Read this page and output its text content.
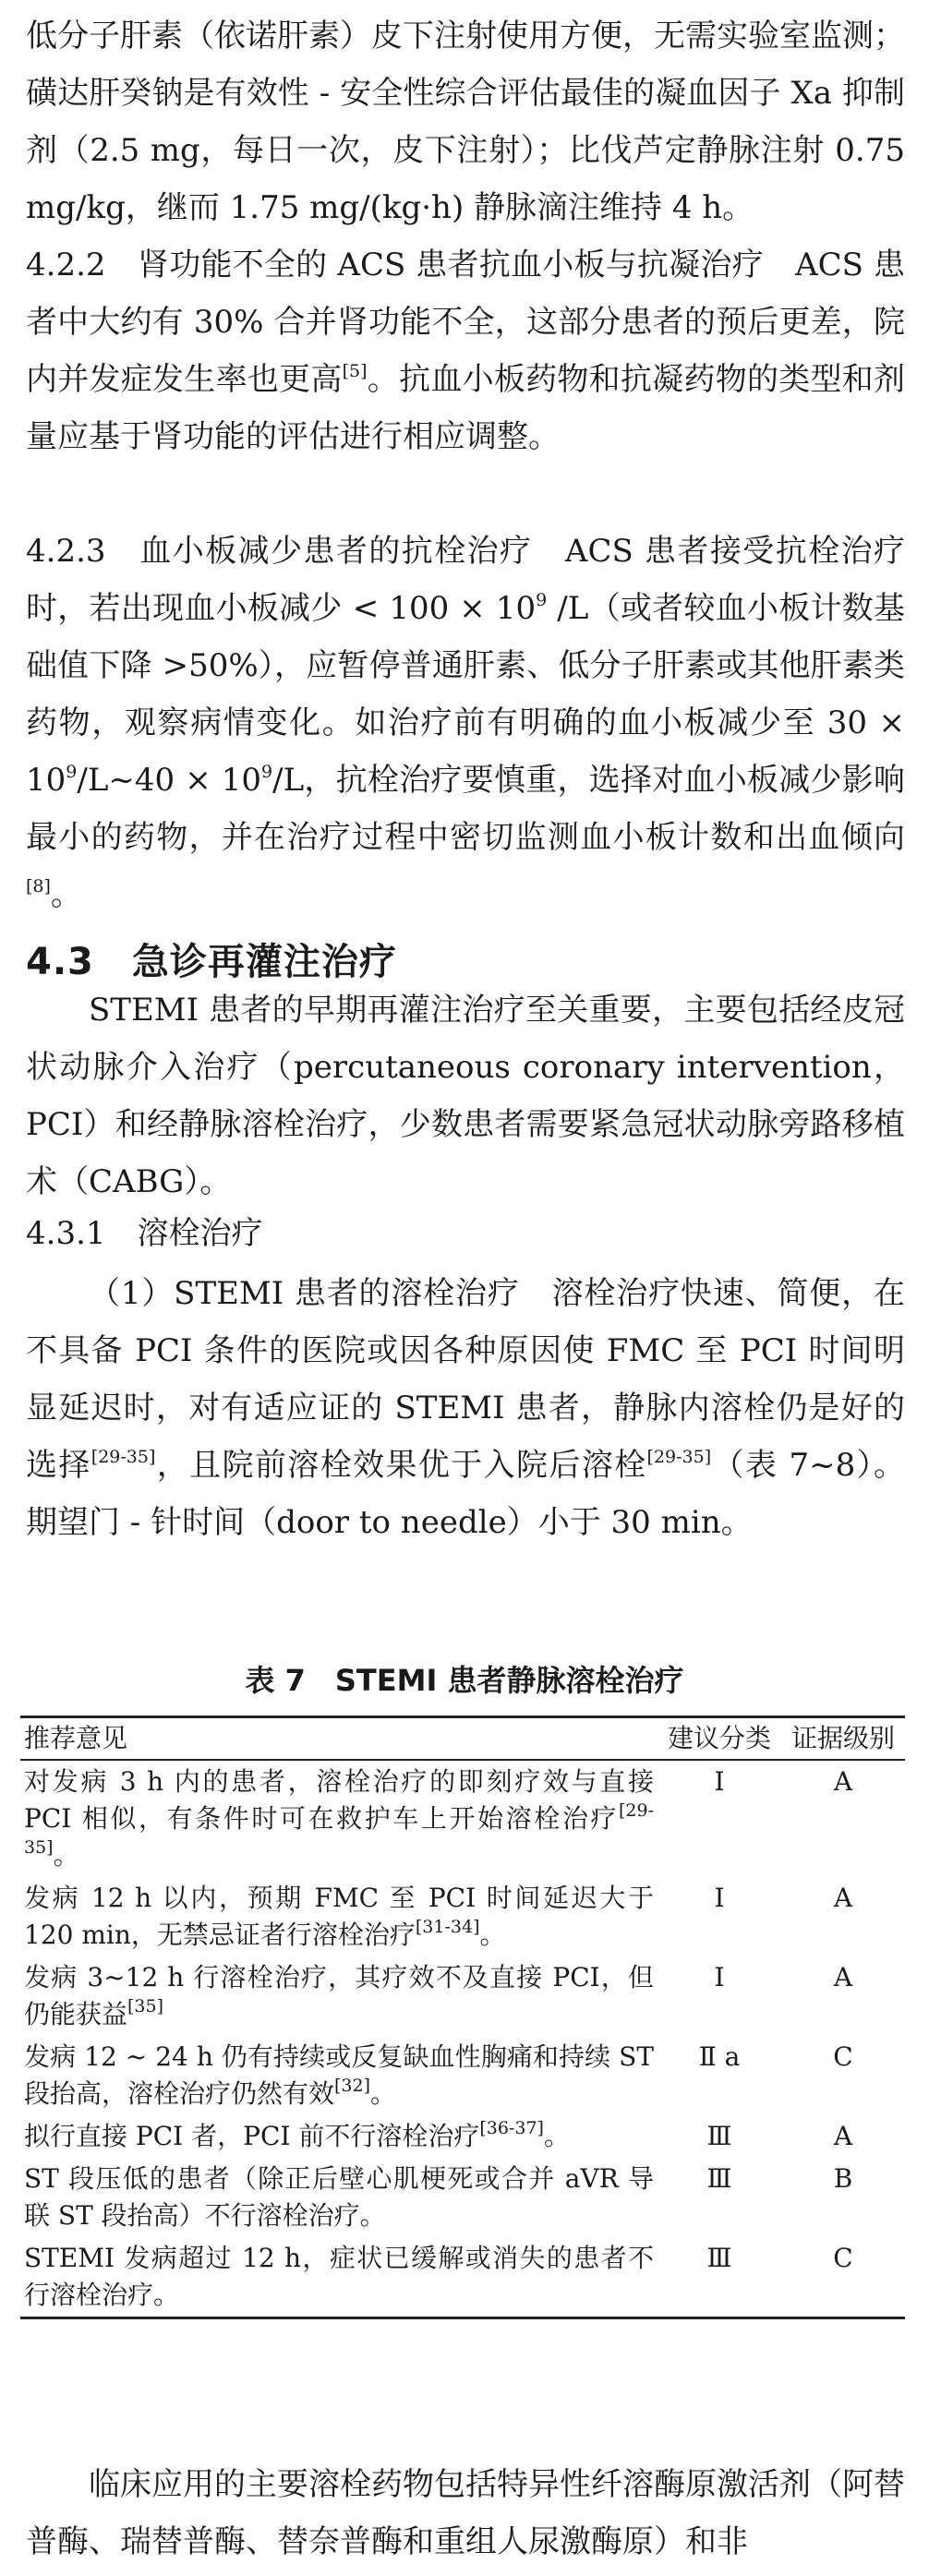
低分子肝素（依诺肝素）皮下注射使用方便，无需实验室监测；磺达肝癸钠是有效性 - 安全性综合评估最佳的凝血因子 Xa 抑制剂（2.5 mg，每日一次，皮下注射）；比伐芦定静脉注射 0.75 mg/kg，继而 1.75 mg/(kg·h) 静脉滴注维持 4 h。
4.2.2　肾功能不全的 ACS 患者抗血小板与抗凝治疗　ACS 患者中大约有 30% 合并肾功能不全，这部分患者的预后更差，院内并发症发生率也更高[5]。抗血小板药物和抗凝药物的类型和剂量应基于肾功能的评估进行相应调整。
4.2.3　血小板减少患者的抗栓治疗　ACS 患者接受抗栓治疗时，若出现血小板减少 < $100 \times 10^9$ /L（或者较血小板计数基础值下降 >50%），应暂停普通肝素、低分子肝素或其他肝素类药物，观察病情变化。如治疗前有明确的血小板减少至 $30 \times 10^9/L\sim 40 \times 10^9/L$，抗栓治疗要慎重，选择对血小板减少影响最小的药物，并在治疗过程中密切监测血小板计数和出血倾向[8]。
4.3　急诊再灌注治疗
STEMI 患者的早期再灌注治疗至关重要，主要包括经皮冠状动脉介入治疗（percutaneous coronary intervention，PCI）和经静脉溶栓治疗，少数患者需要紧急冠状动脉旁路移植术（CABG）。
4.3.1　溶栓治疗
（1）STEMI 患者的溶栓治疗　溶栓治疗快速、简便，在不具备 PCI 条件的医院或因各种原因使 FMC 至 PCI 时间明显延迟时，对有适应证的 STEMI 患者，静脉内溶栓仍是好的选择[29-35]，且院前溶栓效果优于入院后溶栓[29-35]（表 7~8）。期望门 - 针时间（door to needle）小于 30 min。
表 7　STEMI 患者静脉溶栓治疗
推荐意见	建议分类	证据级别
对发病 3 h 内的患者，溶栓治疗的即刻疗效与直接 PCI 相似，有条件时可在救护车上开始溶栓治疗[29-35]。	Ⅰ	A
发病 12 h 以内，预期 FMC 至 PCI 时间延迟大于 120 min，无禁忌证者行溶栓治疗[31-34]。	Ⅰ	A
发病 3~12 h 行溶栓治疗，其疗效不及直接 PCI，但仍能获益[35]	Ⅰ	A
发病 12 ~ 24 h 仍有持续或反复缺血性胸痛和持续 ST 段抬高，溶栓治疗仍然有效[32]。	Ⅱ a	C
拟行直接 PCI 者，PCI 前不行溶栓治疗[36-37]。	Ⅲ	A
ST 段压低的患者（除正后壁心肌梗死或合并 aVR 导联 ST 段抬高）不行溶栓治疗。	Ⅲ	B
STEMI 发病超过 12 h，症状已缓解或消失的患者不行溶栓治疗。	Ⅲ	C
临床应用的主要溶栓药物包括特异性纤溶酶原激活剂（阿替普酶、瑞替普酶、替奈普酶和重组人尿激酶原）和非
